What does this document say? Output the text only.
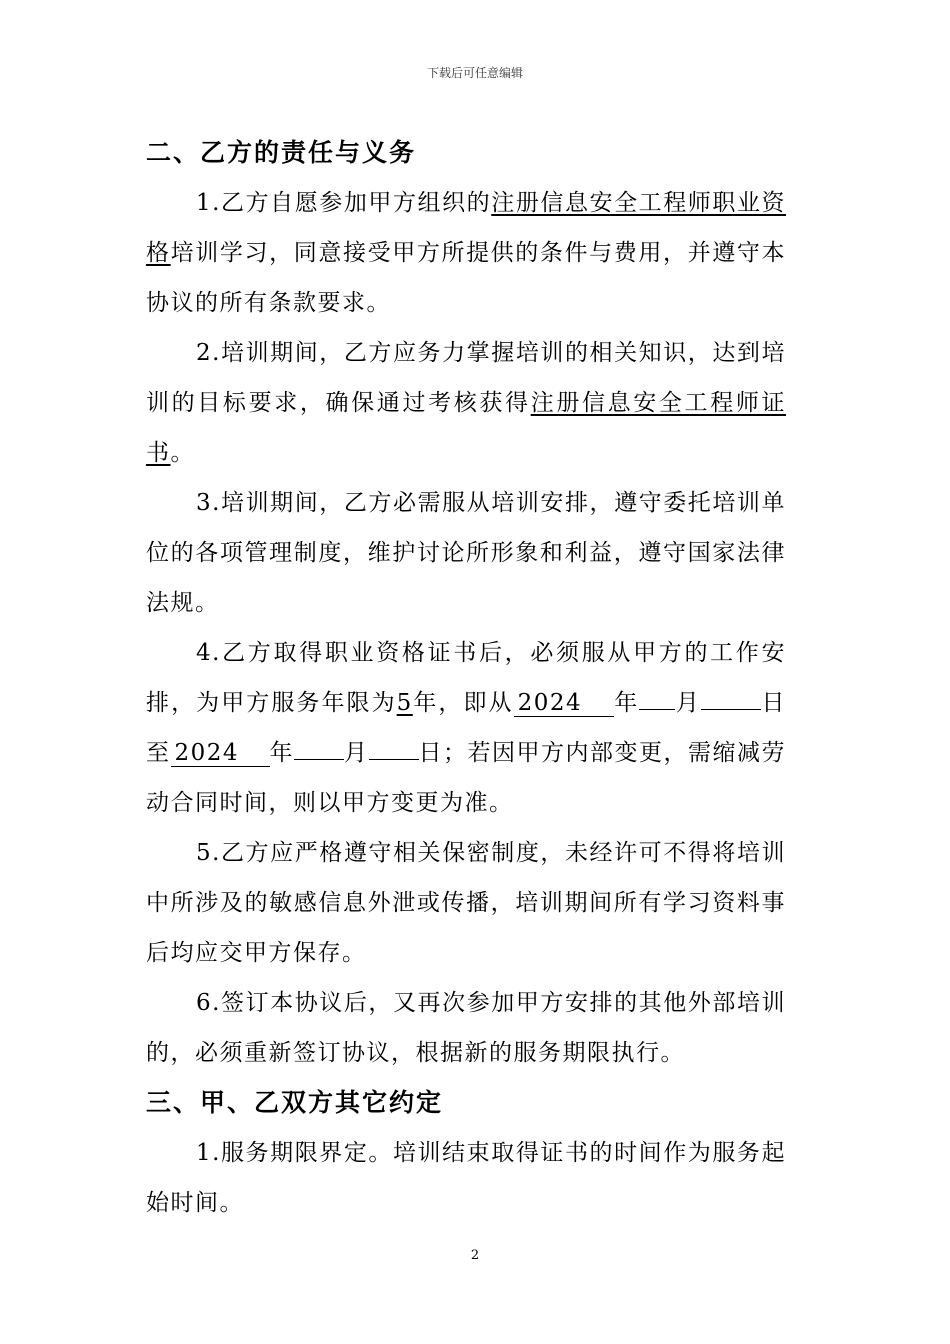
下载后可任意编辑

二、乙方的责任与义务

1.乙方自愿参加甲方组织的注册信息安全工程师职业资格培训学习，同意接受甲方所提供的条件与费用，并遵守本协议的所有条款要求。

2.培训期间，乙方应务力掌握培训的相关知识，达到培训的目标要求，确保通过考核获得注册信息安全工程师证书。

3.培训期间，乙方必需服从培训安排，遵守委托培训单位的各项管理制度，维护讨论所形象和利益，遵守国家法律法规。

4.乙方取得职业资格证书后，必须服从甲方的工作安排，为甲方服务年限为5年，即从 2024 年 月	日至 2024 年 月 日；若因甲方内部变更，需缩减劳动合同时间，则以甲方变更为准。

5.乙方应严格遵守相关保密制度，未经许可不得将培训中所涉及的敏感信息外泄或传播，培训期间所有学习资料事后均应交甲方保存。

6.签订本协议后，又再次参加甲方安排的其他外部培训的，必须重新签订协议，根据新的服务期限执行。

三、甲、乙双方其它约定

1.服务期限界定。培训结束取得证书的时间作为服务起始时间。

2
